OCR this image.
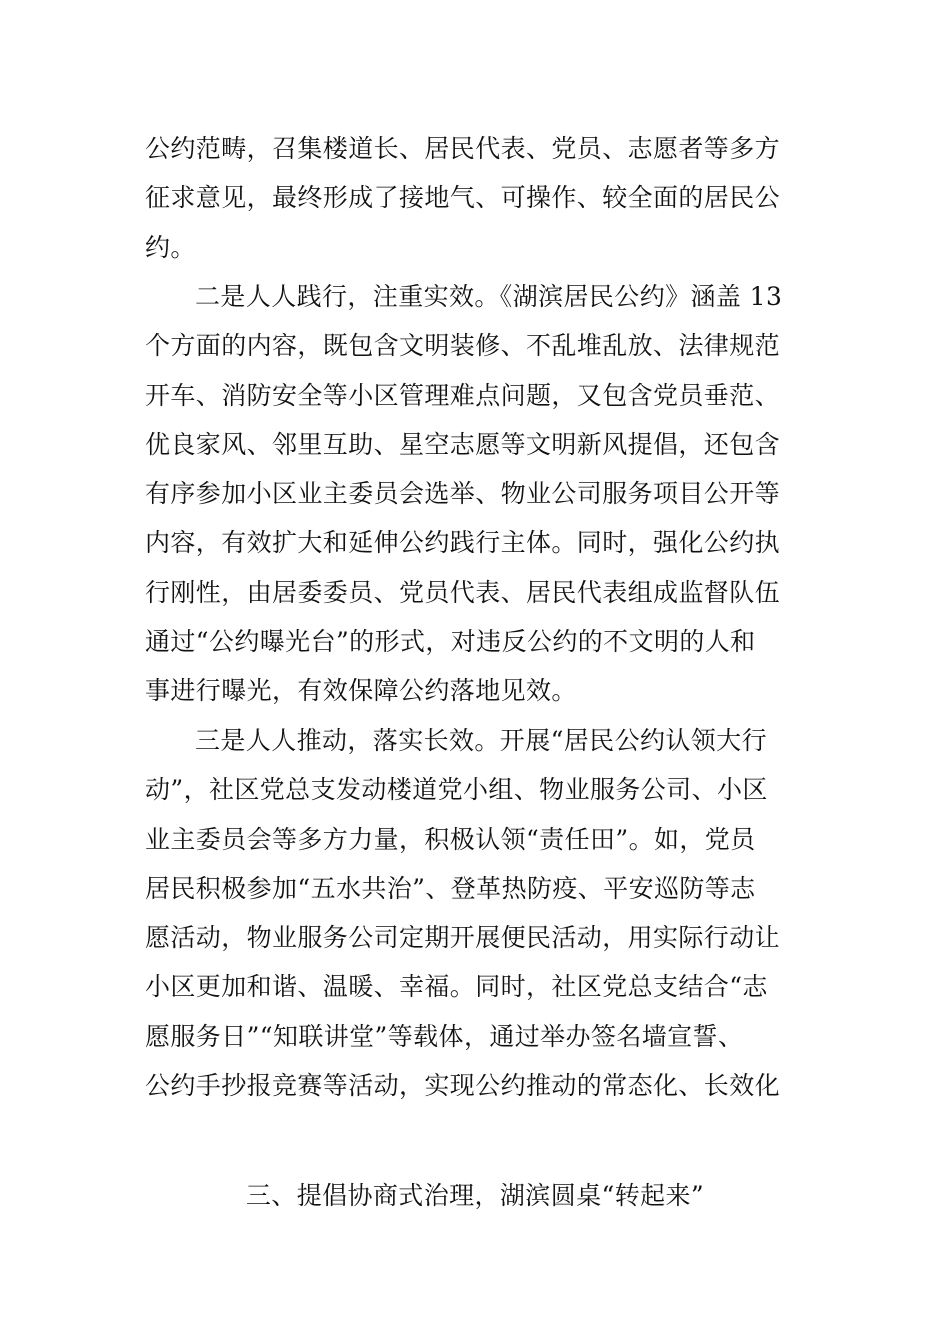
公约范畴，召集楼道长、居民代表、党员、志愿者等多方
征求意见，最终形成了接地气、可操作、较全面的居民公
约。

二是人人践行，注重实效。《湖滨居民公约》涵盖 13
个方面的内容，既包含文明装修、不乱堆乱放、法律规范
开车、消防安全等小区管理难点问题，又包含党员垂范、
优良家风、邻里互助、星空志愿等文明新风提倡，还包含
有序参加小区业主委员会选举、物业公司服务项目公开等
内容，有效扩大和延伸公约践行主体。同时，强化公约执
行刚性，由居委委员、党员代表、居民代表组成监督队伍
通过“公约曝光台”的形式，对违反公约的不文明的人和
事进行曝光，有效保障公约落地见效。

三是人人推动，落实长效。开展“居民公约认领大行
动”，社区党总支发动楼道党小组、物业服务公司、小区
业主委员会等多方力量，积极认领“责任田”。如，党员
居民积极参加“五水共治”、登革热防疫、平安巡防等志
愿活动，物业服务公司定期开展便民活动，用实际行动让
小区更加和谐、温暖、幸福。同时，社区党总支结合“志
愿服务日”“知联讲堂”等载体，通过举办签名墙宣誓、
公约手抄报竞赛等活动，实现公约推动的常态化、长效化

三、提倡协商式治理，湖滨圆桌“转起来”
